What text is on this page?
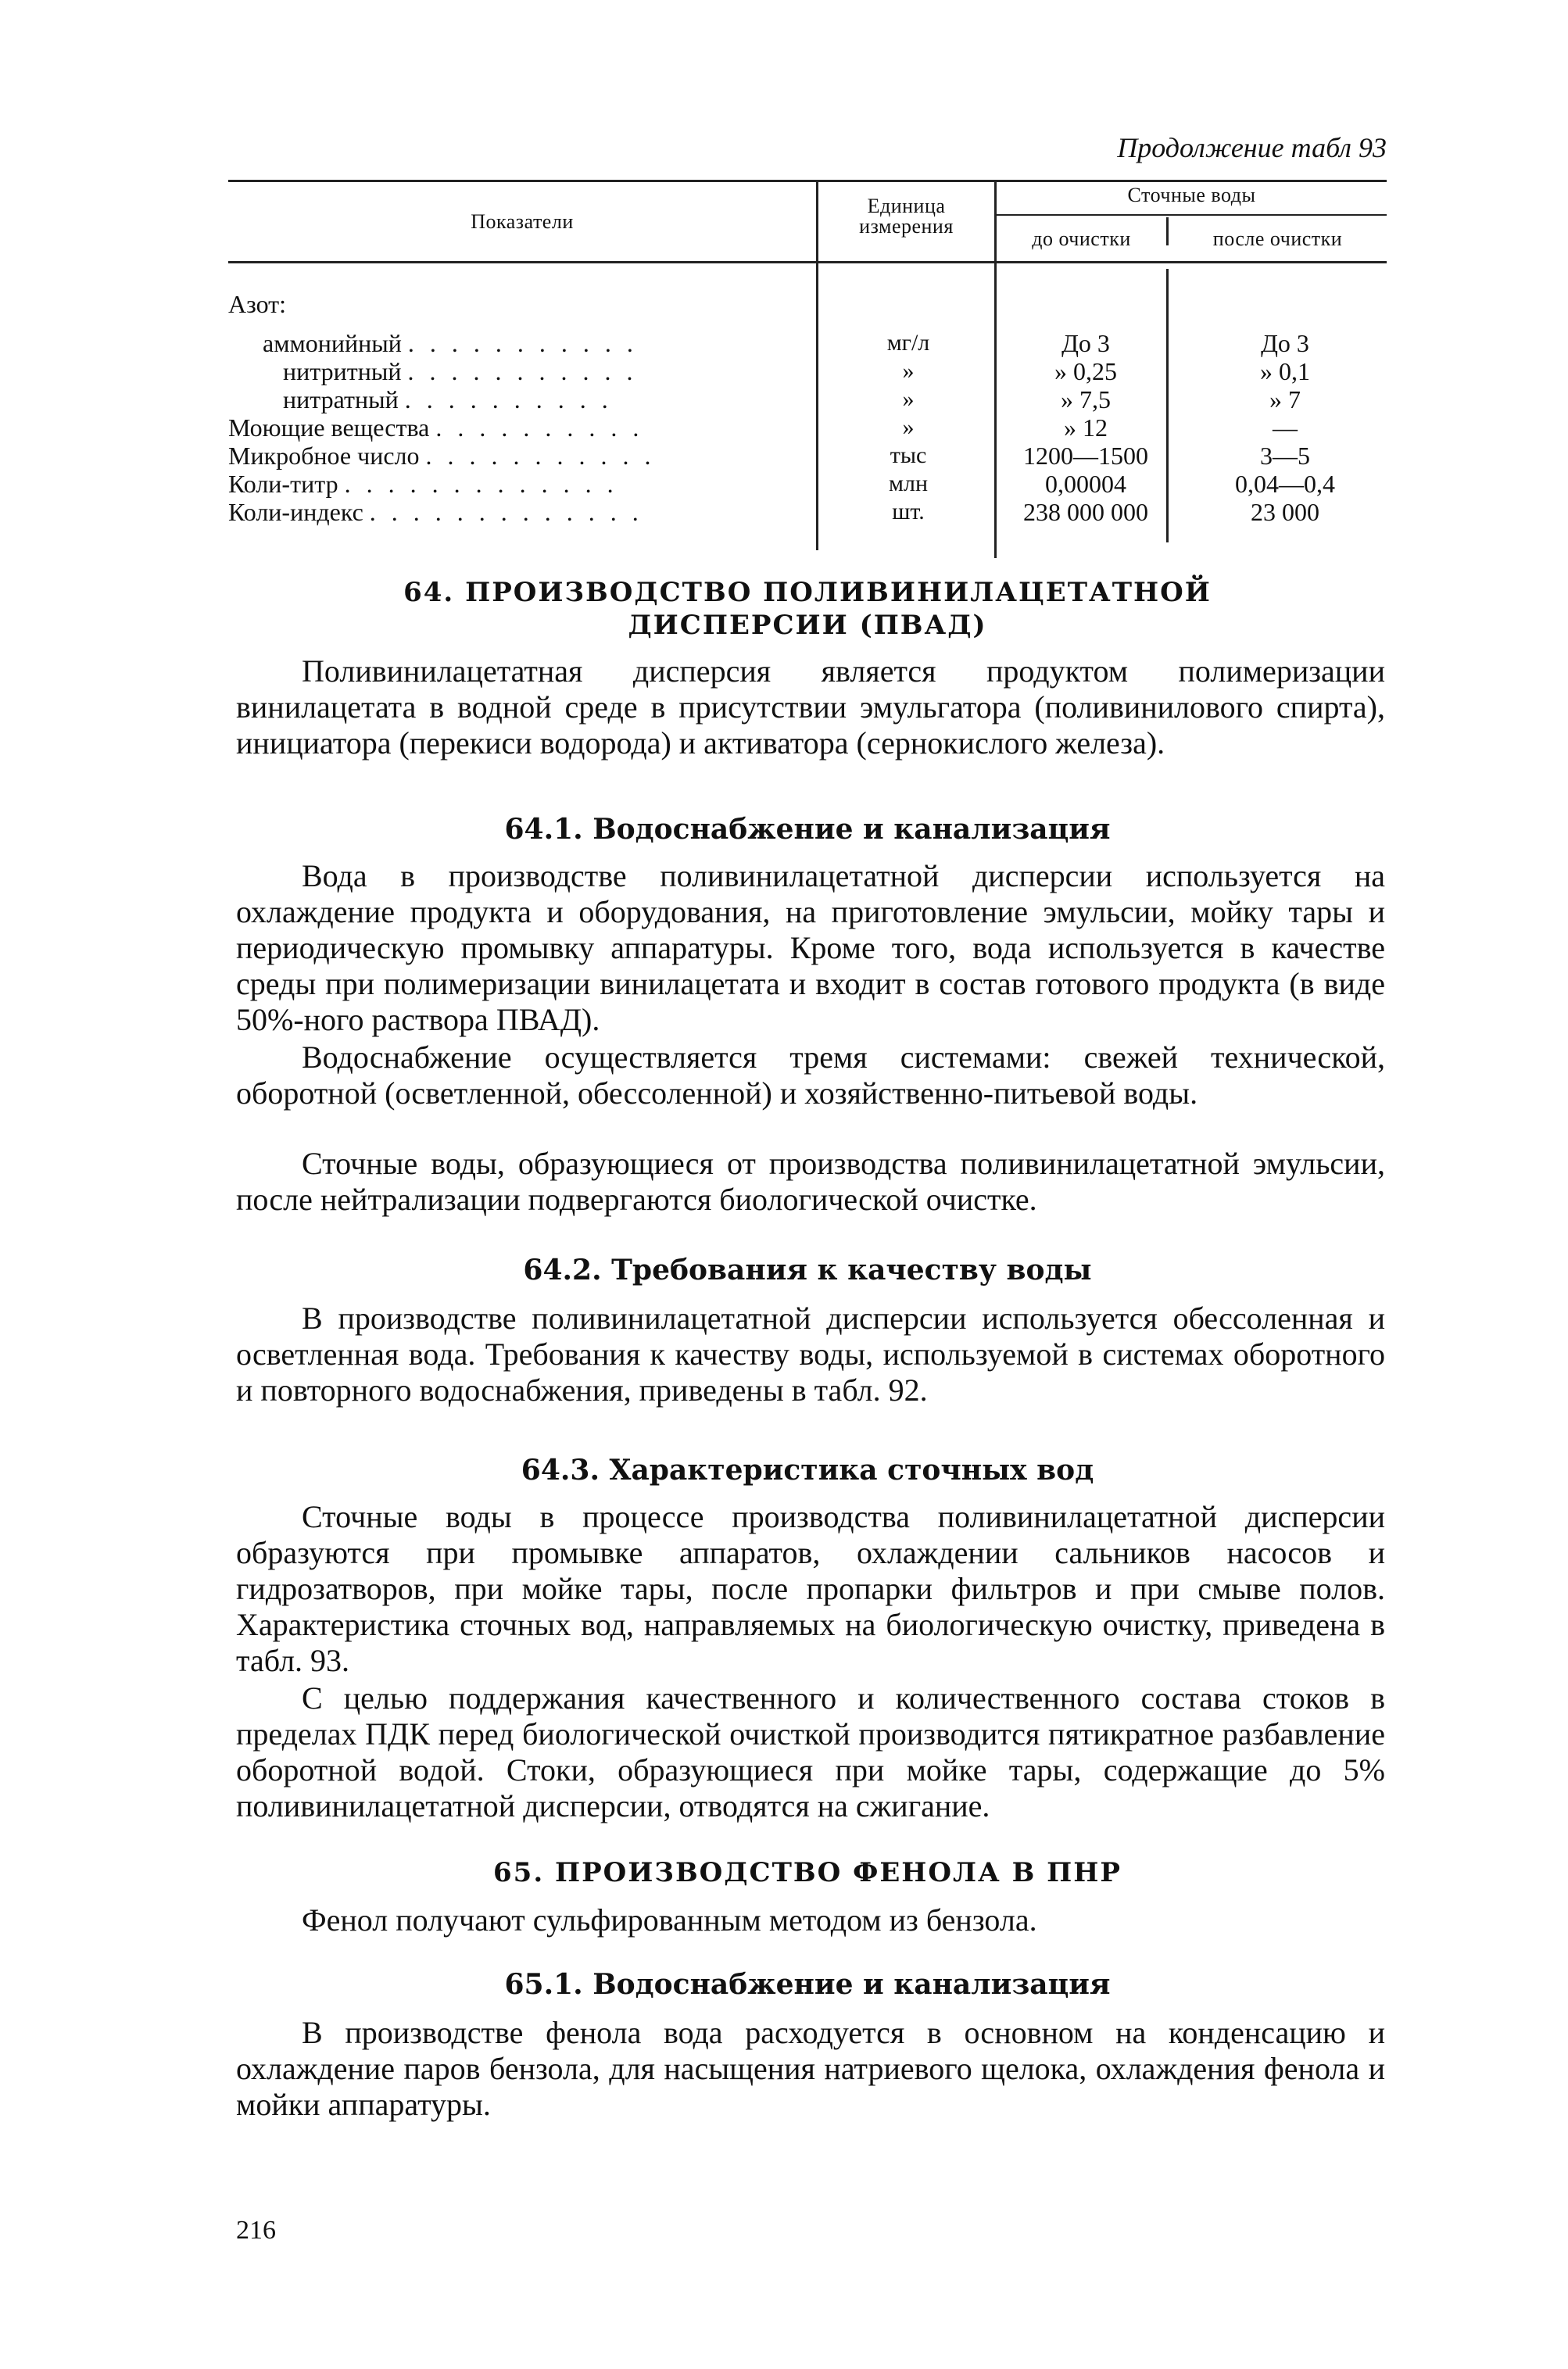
Продолжение табл 93
Показатели
Единица
измерения
Сточные воды
до очистки	после очистки
Азот:
аммонийный . . . . . . . . . . .	мг/л	До 3	До 3
нитритный . . . . . . . . . . .	»	» 0,25	» 0,1
нитратный . . . . . . . . . .	»	» 7,5	» 7
Моющие вещества . . . . . . . . . .	»	» 12	—
Микробное число . . . . . . . . . . .	тыс	1200—1500	3—5
Коли-титр . . . . . . . . . . . . .	млн	0,00004	0,04—0,4
Коли-индекс . . . . . . . . . . . . .	шт.	238 000 000	23 000
64. ПРОИЗВОДСТВО ПОЛИВИНИЛАЦЕТАТНОЙ
ДИСПЕРСИИ (ПВАД)

Поливинилацетатная дисперсия является продуктом полимеризации винилацетата в водной среде в присутствии эмульгатора (поливинилового спирта), инициатора (перекиси водорода) и активатора (сернокислого железа).

64.1. Водоснабжение и канализация

Вода в производстве поливинилацетатной дисперсии используется на охлаждение продукта и оборудования, на приготовление эмульсии, мойку тары и периодическую промывку аппаратуры. Кроме того, вода используется в качестве среды при полимеризации винилацетата и входит в состав готового продукта (в виде 50%-ного раствора ПВАД).

Водоснабжение осуществляется тремя системами: свежей технической, оборотной (осветленной, обессоленной) и хозяйственно-питьевой воды.

Сточные воды, образующиеся от производства поливинилацетатной эмульсии, после нейтрализации подвергаются биологической очистке.

64.2. Требования к качеству воды

В производстве поливинилацетатной дисперсии используется обессоленная и осветленная вода. Требования к качеству воды, используемой в системах оборотного и повторного водоснабжения, приведены в табл. 92.

64.3. Характеристика сточных вод

Сточные воды в процессе производства поливинилацетатной дисперсии образуются при промывке аппаратов, охлаждении сальников насосов и гидрозатворов, при мойке тары, после пропарки фильтров и при смыве полов. Характеристика сточных вод, направляемых на биологическую очистку, приведена в табл. 93.

С целью поддержания качественного и количественного состава стоков в пределах ПДК перед биологической очисткой производится пятикратное разбавление оборотной водой. Стоки, образующиеся при мойке тары, содержащие до 5% поливинилацетатной дисперсии, отводятся на сжигание.

65. ПРОИЗВОДСТВО ФЕНОЛА В ПНР

Фенол получают сульфированным методом из бензола.

65.1. Водоснабжение и канализация

В производстве фенола вода расходуется в основном на конденсацию и охлаждение паров бензола, для насыщения натриевого щелока, охлаждения фенола и мойки аппаратуры.

216
